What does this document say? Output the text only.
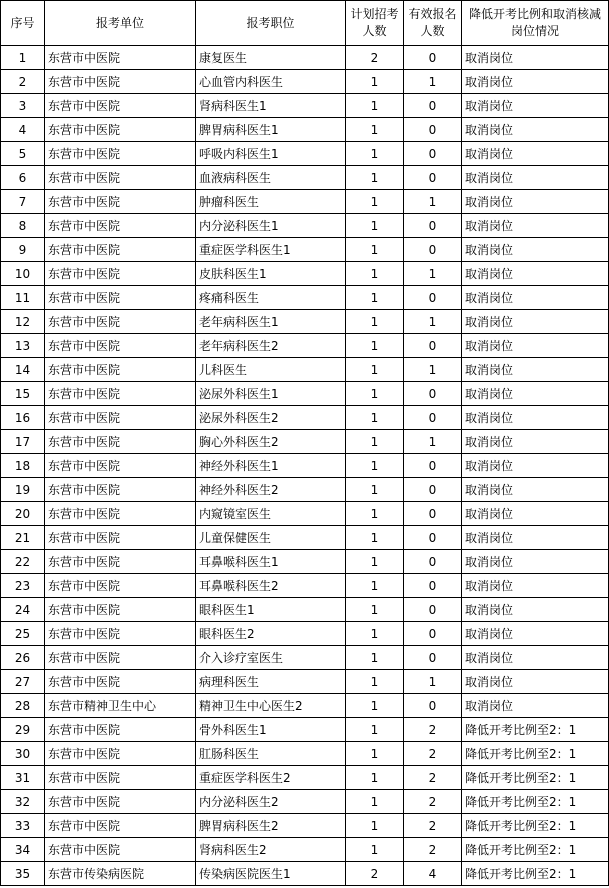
序号	报考单位	报考职位	计划招考人数	有效报名人数	降低开考比例和取消核减岗位情况
1	东营市中医院	康复医生	2	0	取消岗位
2	东营市中医院	心血管内科医生	1	1	取消岗位
3	东营市中医院	肾病科医生1	1	0	取消岗位
4	东营市中医院	脾胃病科医生1	1	0	取消岗位
5	东营市中医院	呼吸内科医生1	1	0	取消岗位
6	东营市中医院	血液病科医生	1	0	取消岗位
7	东营市中医院	肿瘤科医生	1	1	取消岗位
8	东营市中医院	内分泌科医生1	1	0	取消岗位
9	东营市中医院	重症医学科医生1	1	0	取消岗位
10	东营市中医院	皮肤科医生1	1	1	取消岗位
11	东营市中医院	疼痛科医生	1	0	取消岗位
12	东营市中医院	老年病科医生1	1	1	取消岗位
13	东营市中医院	老年病科医生2	1	0	取消岗位
14	东营市中医院	儿科医生	1	1	取消岗位
15	东营市中医院	泌尿外科医生1	1	0	取消岗位
16	东营市中医院	泌尿外科医生2	1	0	取消岗位
17	东营市中医院	胸心外科医生2	1	1	取消岗位
18	东营市中医院	神经外科医生1	1	0	取消岗位
19	东营市中医院	神经外科医生2	1	0	取消岗位
20	东营市中医院	内窥镜室医生	1	0	取消岗位
21	东营市中医院	儿童保健医生	1	0	取消岗位
22	东营市中医院	耳鼻喉科医生1	1	0	取消岗位
23	东营市中医院	耳鼻喉科医生2	1	0	取消岗位
24	东营市中医院	眼科医生1	1	0	取消岗位
25	东营市中医院	眼科医生2	1	0	取消岗位
26	东营市中医院	介入诊疗室医生	1	0	取消岗位
27	东营市中医院	病理科医生	1	1	取消岗位
28	东营市精神卫生中心	精神卫生中心医生2	1	0	取消岗位
29	东营市中医院	骨外科医生1	1	2	降低开考比例至2：1
30	东营市中医院	肛肠科医生	1	2	降低开考比例至2：1
31	东营市中医院	重症医学科医生2	1	2	降低开考比例至2：1
32	东营市中医院	内分泌科医生2	1	2	降低开考比例至2：1
33	东营市中医院	脾胃病科医生2	1	2	降低开考比例至2：1
34	东营市中医院	肾病科医生2	1	2	降低开考比例至2：1
35	东营市传染病医院	传染病医院医生1	2	4	降低开考比例至2：1
